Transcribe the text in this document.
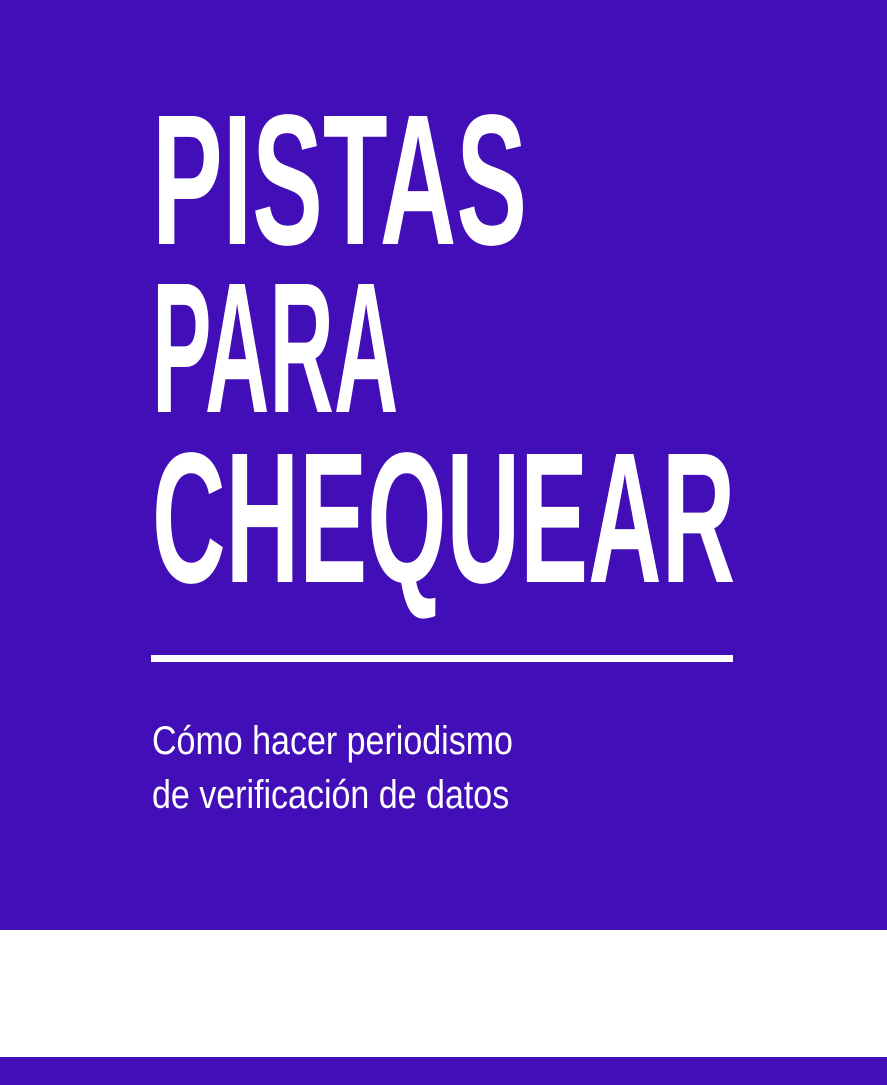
PISTAS
PARA
CHEQUEAR
Cómo hacer periodismo
de verificación de datos
